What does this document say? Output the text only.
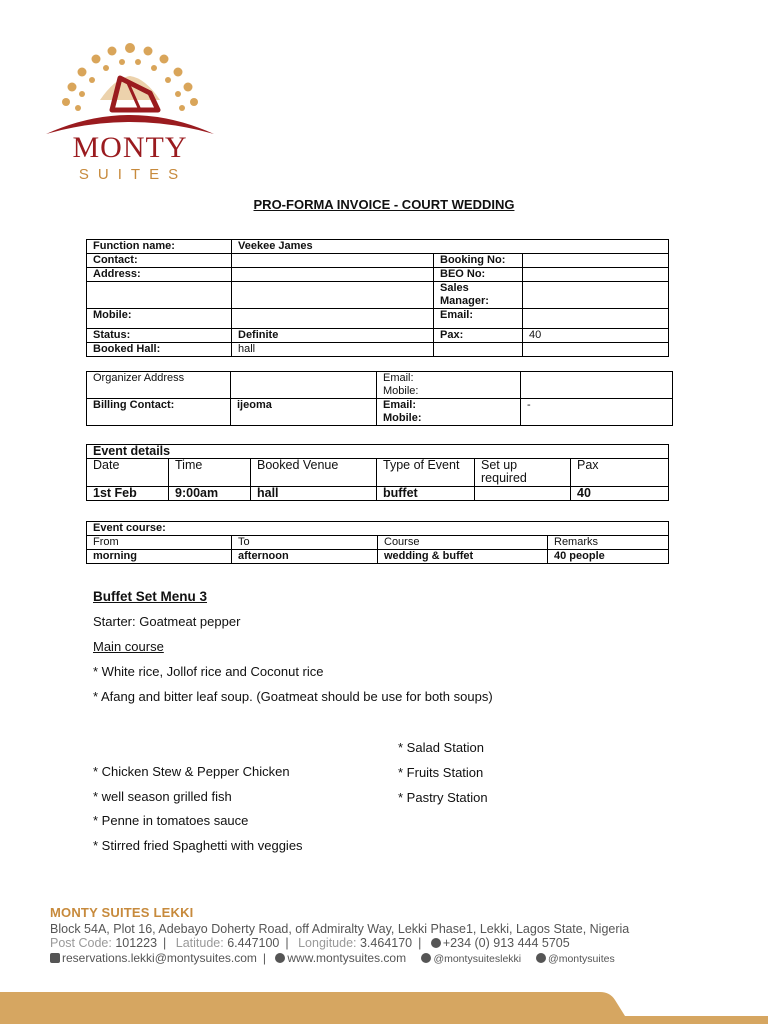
MONTY
SUITES
PRO-FORMA INVOICE - COURT WEDDING
Function name:	Veekee James		
Contact:		Booking No:	
Address:		BEO No:	
		Sales Manager:	
Mobile:		Email:	
Status:	Definite	Pax:	40
Booked Hall:	hall		
Organizer Address		Email:
Mobile:	

Billing Contact:	ijeoma	Email:
Mobile:	-
Event details					
Date	Time	Booked Venue	Type of Event	Set up required	Pax
1st Feb	9:00am	hall	buffet		40
Event course:			
From	To	Course	Remarks
morning	afternoon	wedding & buffet	40 people
Buffet Set Menu 3
Starter: Goatmeat pepper
Main course
* White rice, Jollof rice and Coconut rice
* Afang and bitter leaf soup. (Goatmeat should be use for both soups)
* Chicken Stew & Pepper Chicken
* well season grilled fish
* Penne in tomatoes sauce
* Stirred fried Spaghetti with veggies
* Salad Station
* Fruits Station
* Pastry Station
MONTY SUITES LEKKI
Block 54A, Plot 16, Adebayo Doherty Road, off Admiralty Way, Lekki Phase1, Lekki, Lagos State, Nigeria
Post Code: 101223 | Latitude: 6.447100 | Longitude: 3.464170 | +234 (0) 913 444 5705
reservations.lekki@montysuites.com | www.montysuites.com	@montysuiteslekki	@montysuites
